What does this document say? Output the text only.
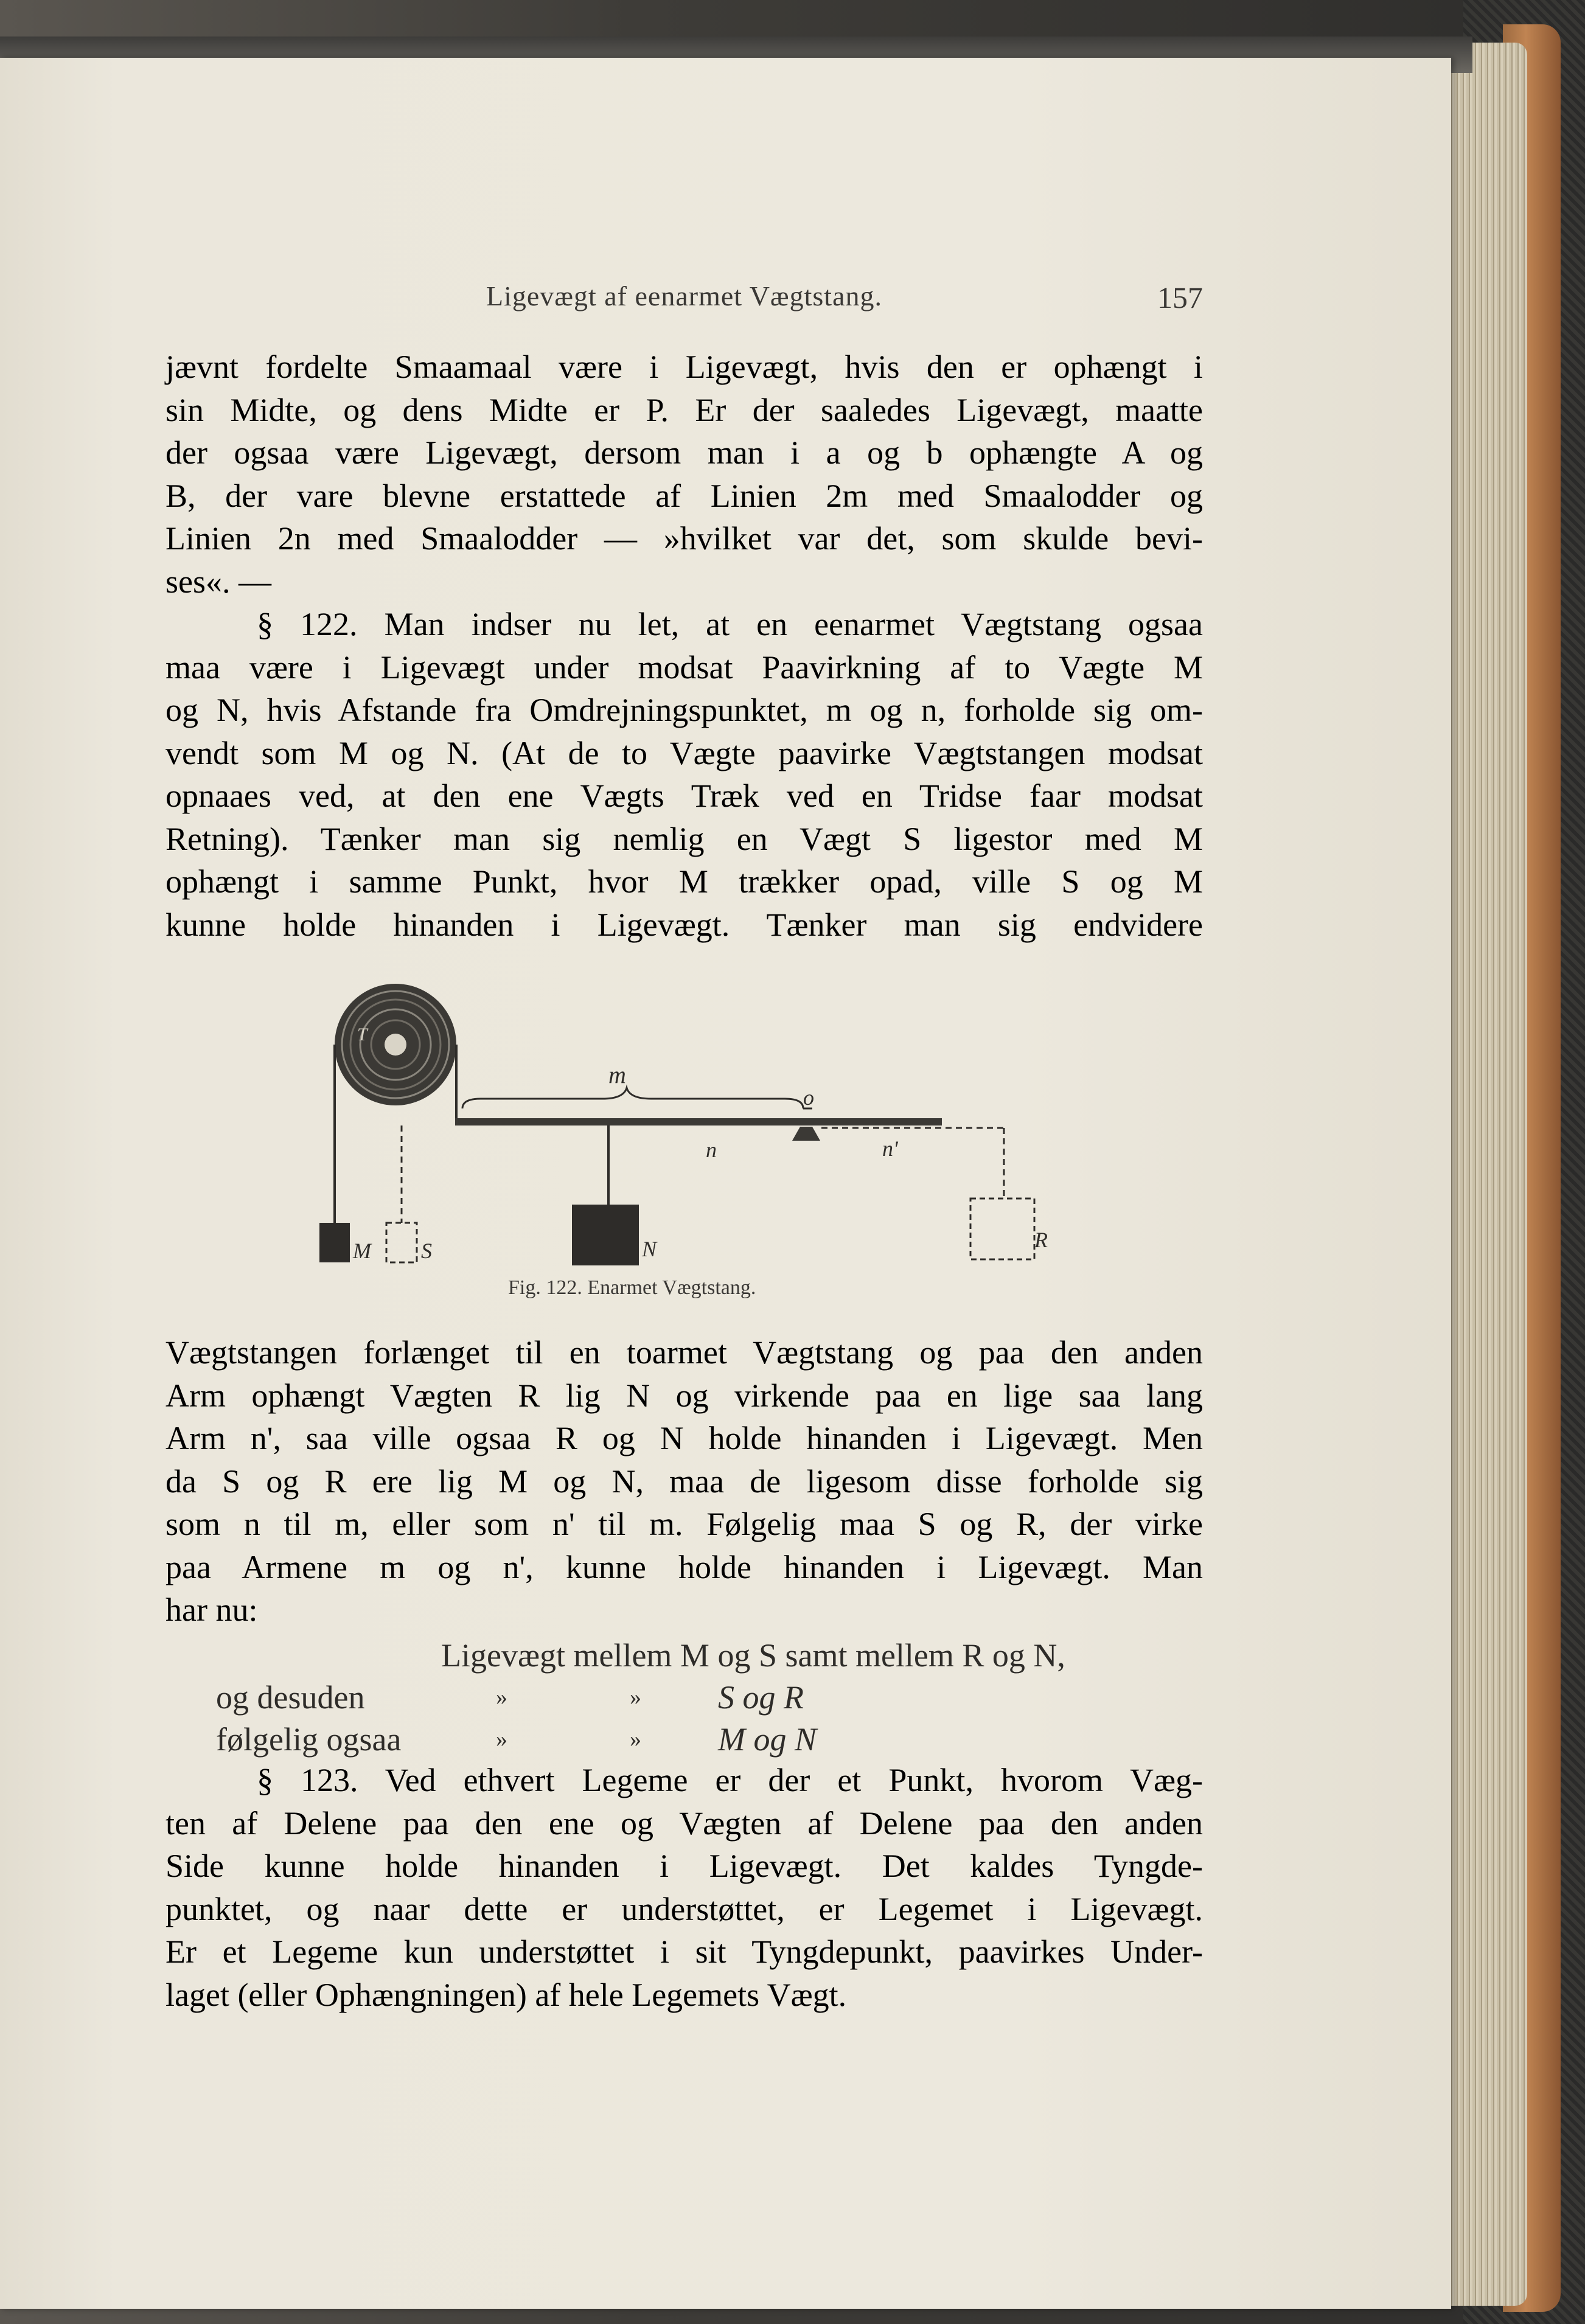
Ligevægt af eenarmet Vægtstang.	157
jævnt fordelte Smaamaal være i Ligevægt, hvis den er ophængt i
sin Midte, og dens Midte er P. Er der saaledes Ligevægt, maatte
der ogsaa være Ligevægt, dersom man i a og b ophængte A og
B, der vare blevne erstattede af Linien 2m med Smaalodder og
Linien 2n med Smaalodder — »hvilket var det, som skulde bevi-
ses«. —
§ 122. Man indser nu let, at en eenarmet Vægtstang ogsaa
maa være i Ligevægt under modsat Paavirkning af to Vægte M
og N, hvis Afstande fra Omdrejningspunktet, m og n, forholde sig om-
vendt som M og N. (At de to Vægte paavirke Vægtstangen modsat
opnaaes ved, at den ene Vægts Træk ved en Tridse faar modsat
Retning). Tænker man sig nemlig en Vægt S ligestor med M
ophængt i samme Punkt, hvor M trækker opad, ville S og M
kunne holde hinanden i Ligevægt. Tænker man sig endvidere
T
m
o
n	n'
M S	N	R
Fig. 122. Enarmet Vægtstang.
Vægtstangen forlænget til en toarmet Vægtstang og paa den anden
Arm ophængt Vægten R lig N og virkende paa en lige saa lang
Arm n', saa ville ogsaa R og N holde hinanden i Ligevægt. Men
da S og R ere lig M og N, maa de ligesom disse forholde sig
som n til m, eller som n' til m. Følgelig maa S og R, der virke
paa Armene m og n', kunne holde hinanden i Ligevægt. Man
har nu:
Ligevægt mellem M og S samt mellem R og N,
og desuden	»	» S og R
følgelig ogsaa	»	» M og N
§ 123. Ved ethvert Legeme er der et Punkt, hvorom Væg-
ten af Delene paa den ene og Vægten af Delene paa den anden
Side kunne holde hinanden i Ligevægt. Det kaldes Tyngde-
punktet, og naar dette er understøttet, er Legemet i Ligevægt.
Er et Legeme kun understøttet i sit Tyngdepunkt, paavirkes Under-
laget (eller Ophængningen) af hele Legemets Vægt.
